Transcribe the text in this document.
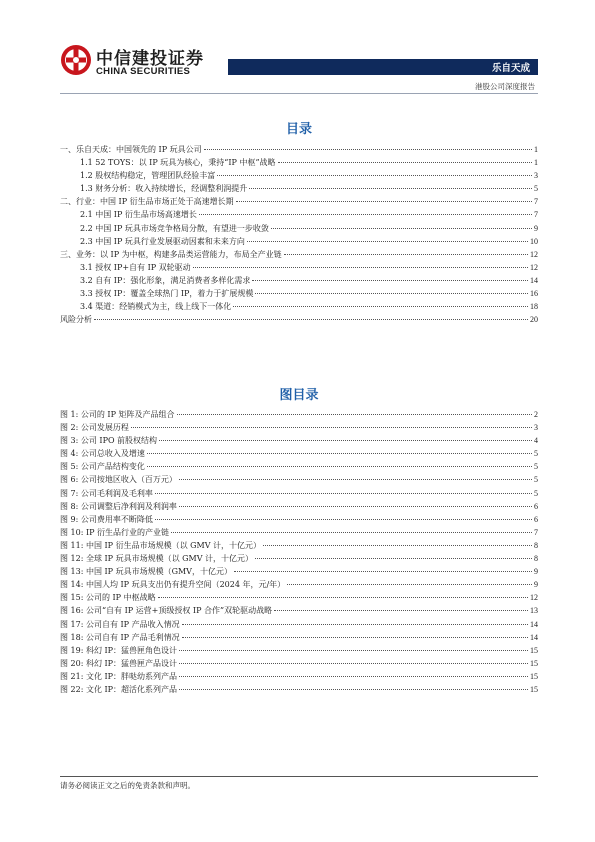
中信建投证券
CHINA SECURITIES	乐自天成
港股公司深度报告
目录
一、乐自天成：中国领先的 IP 玩具公司	1
1.1 52 TOYS：以 IP 玩具为核心，秉持“IP 中枢”战略	1
1.2 股权结构稳定，管理团队经验丰富	3
1.3 财务分析：收入持续增长，经调整利润提升	5
二、行业：中国 IP 衍生品市场正处于高速增长期	7
2.1 中国 IP 衍生品市场高速增长	7
2.2 中国 IP 玩具市场竞争格局分散，有望进一步收敛	9
2.3 中国 IP 玩具行业发展驱动因素和未来方向	10
三、业务：以 IP 为中枢，构建多品类运营能力，布局全产业链	12
3.1 授权 IP+自有 IP 双轮驱动	12
3.2 自有 IP：强化形象，满足消费者多样化需求	14
3.3 授权 IP：覆盖全球热门 IP，着力于扩展规模	16
3.4 渠道：经销模式为主，线上线下一体化	18
风险分析	20
图目录
图 1: 公司的 IP 矩阵及产品组合	2
图 2: 公司发展历程	3
图 3: 公司 IPO 前股权结构	4
图 4: 公司总收入及增速	5
图 5: 公司产品结构变化	5
图 6: 公司按地区收入（百万元）	5
图 7: 公司毛利润及毛利率	5
图 8: 公司调整后净利润及利润率	6
图 9: 公司费用率不断降低	6
图 10: IP 衍生品行业的产业链	7
图 11: 中国 IP 衍生品市场规模（以 GMV 计，十亿元）	8
图 12: 全球 IP 玩具市场规模（以 GMV 计，十亿元）	8
图 13: 中国 IP 玩具市场规模（GMV，十亿元）	9
图 14: 中国人均 IP 玩具支出仍有提升空间（2024 年，元/年）	9
图 15: 公司的 IP 中枢战略	12
图 16: 公司“自有 IP 运营+顶级授权 IP 合作”双轮驱动战略	13
图 17: 公司自有 IP 产品收入情况	14
图 18: 公司自有 IP 产品毛利情况	14
图 19: 科幻 IP：猛兽匣角色设计	15
图 20: 科幻 IP：猛兽匣产品设计	15
图 21: 文化 IP：胖哒幼系列产品	15
图 22: 文化 IP：超活化系列产品	15
请务必阅读正文之后的免责条款和声明。
